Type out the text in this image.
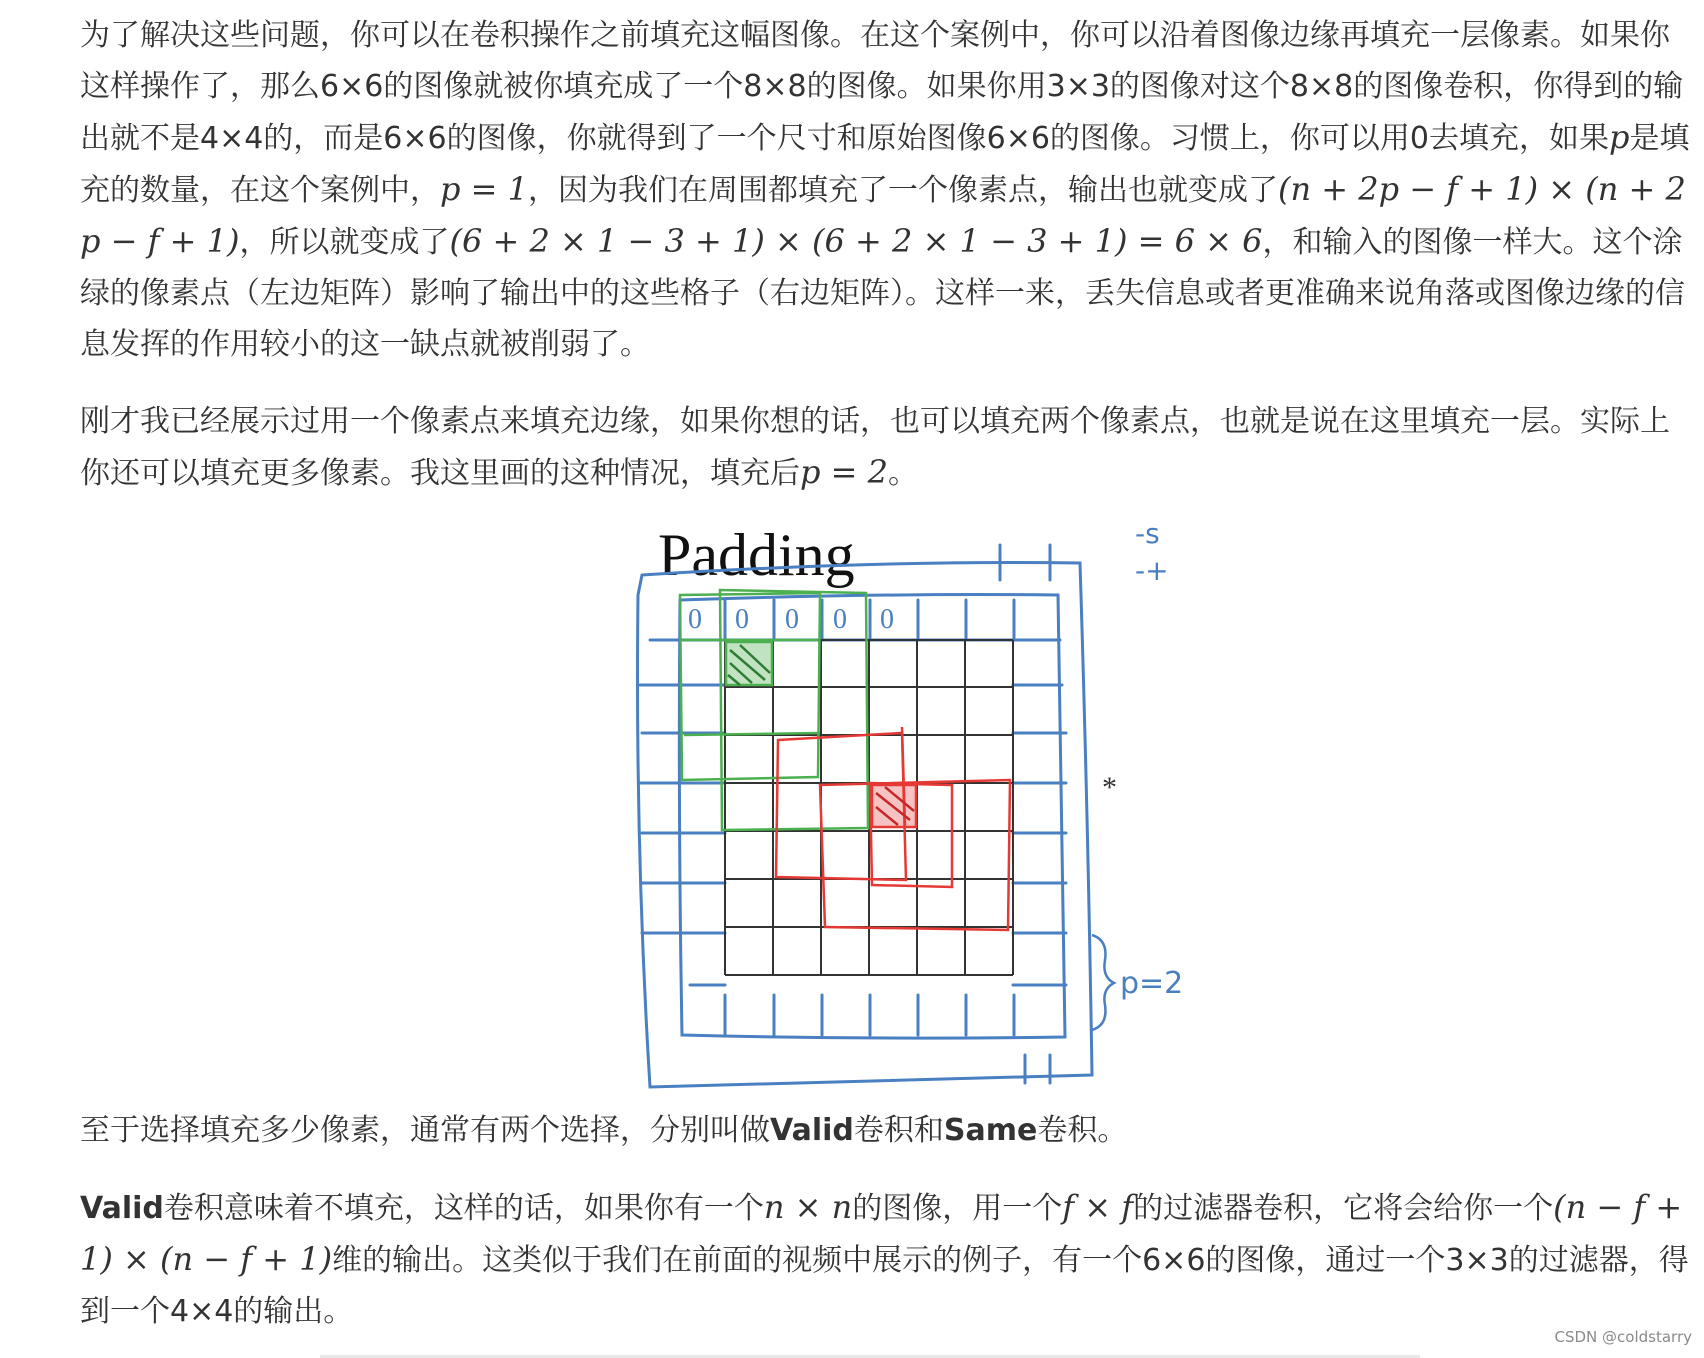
为了解决这些问题，你可以在卷积操作之前填充这幅图像。在这个案例中，你可以沿着图像边缘再填充一层像素。如果你这样操作了，那么6×6的图像就被你填充成了一个8×8的图像。如果你用3×3的图像对这个8×8的图像卷积，你得到的输出就不是4×4的，而是6×6的图像，你就得到了一个尺寸和原始图像6×6的图像。习惯上，你可以用0去填充，如果p是填充的数量，在这个案例中，p = 1，因为我们在周围都填充了一个像素点，输出也就变成了(n + 2p − f + 1) × (n + 2p − f + 1)，所以就变成了(6 + 2 × 1 − 3 + 1) × (6 + 2 × 1 − 3 + 1) = 6 × 6，和输入的图像一样大。这个涂绿的像素点（左边矩阵）影响了输出中的这些格子（右边矩阵）。这样一来，丢失信息或者更准确来说角落或图像边缘的信息发挥的作用较小的这一缺点就被削弱了。

刚才我已经展示过用一个像素点来填充边缘，如果你想的话，也可以填充两个像素点，也就是说在这里填充一层。实际上你还可以填充更多像素。我这里画的这种情况，填充后p = 2。

Padding
0 0 0 0 0
*
p=2
-s
-+

至于选择填充多少像素，通常有两个选择，分别叫做Valid卷积和Same卷积。

Valid卷积意味着不填充，这样的话，如果你有一个n × n的图像，用一个f × f的过滤器卷积，它将会给你一个(n − f + 1) × (n − f + 1)维的输出。这类似于我们在前面的视频中展示的例子，有一个6×6的图像，通过一个3×3的过滤器，得到一个4×4的输出。

CSDN @coldstarry
